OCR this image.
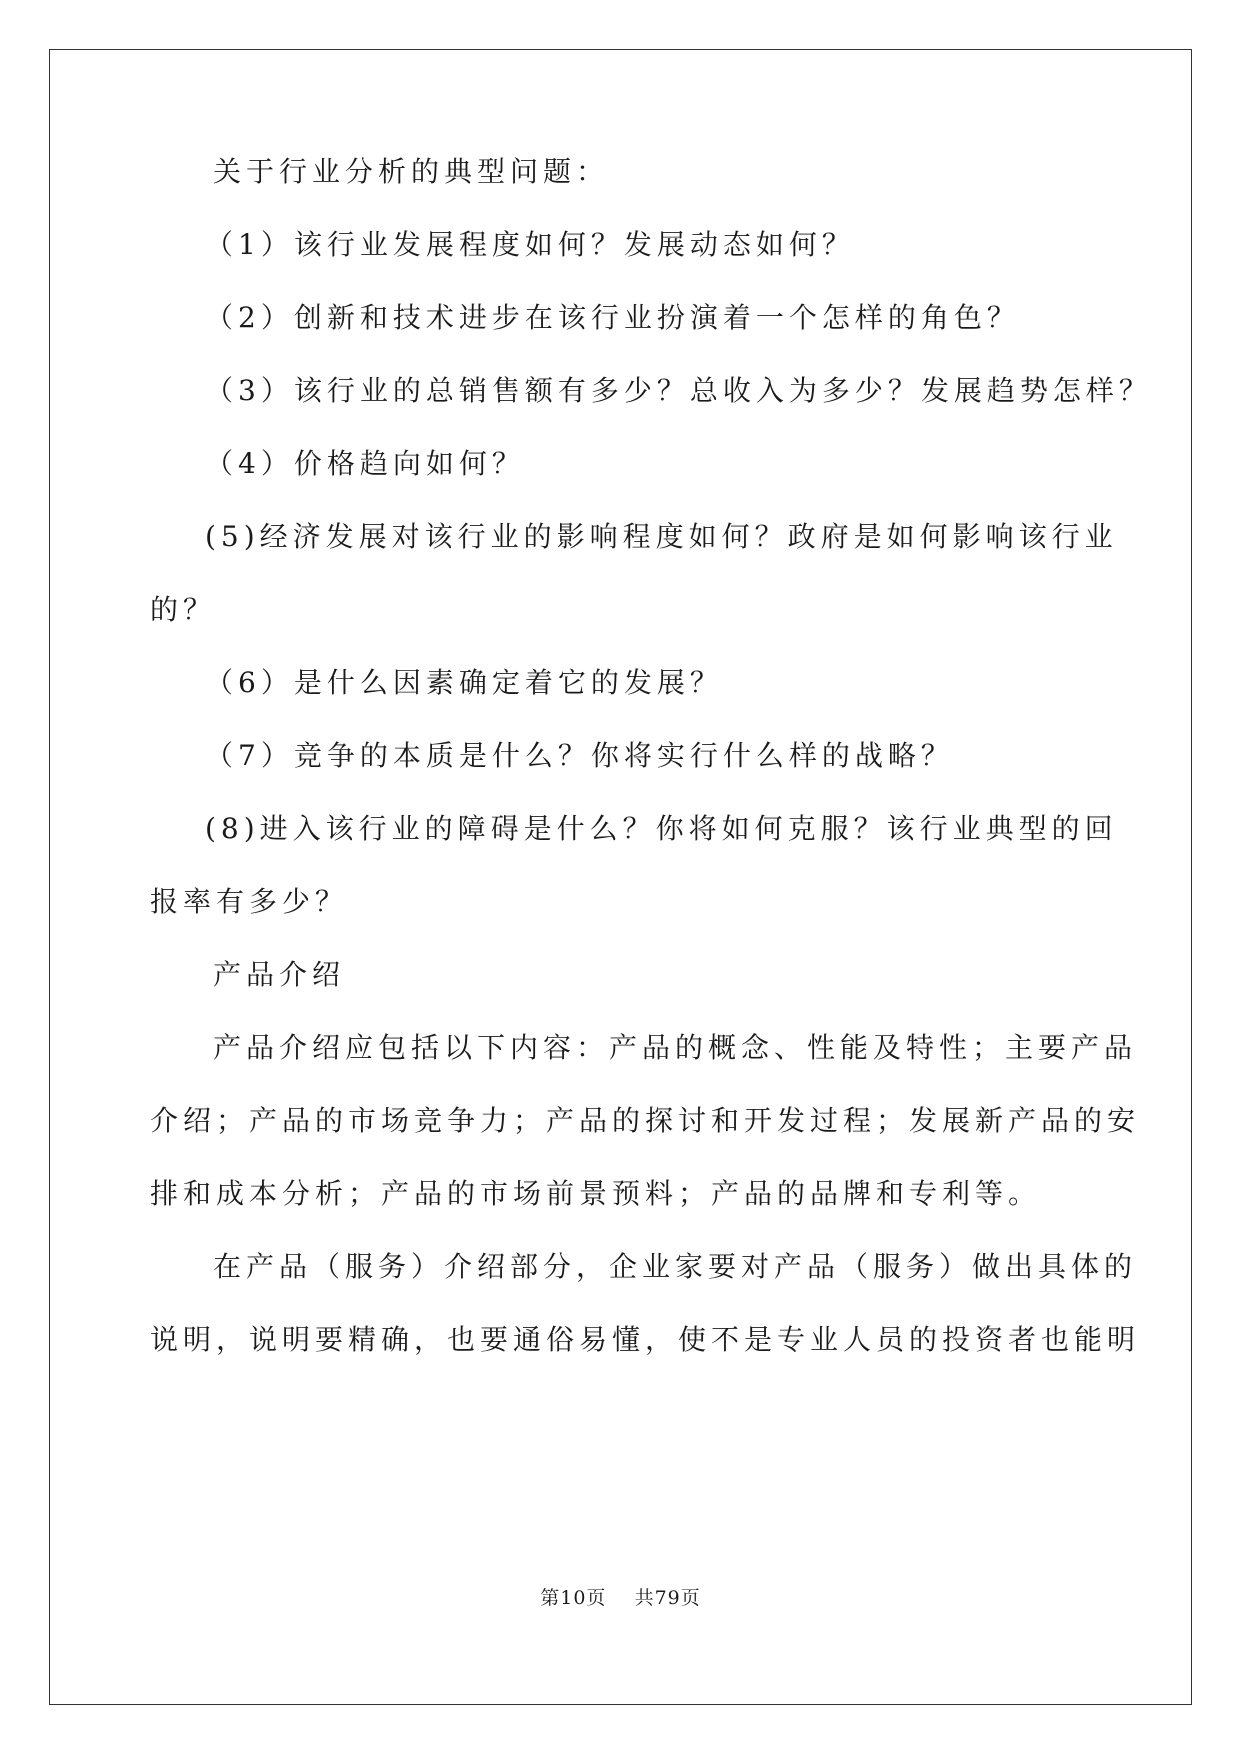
关于行业分析的典型问题：
（1）该行业发展程度如何？发展动态如何？
（2）创新和技术进步在该行业扮演着一个怎样的角色？
（3）该行业的总销售额有多少？总收入为多少？发展趋势怎样？
（4）价格趋向如何？
(5)经济发展对该行业的影响程度如何？政府是如何影响该行业
的？
（6）是什么因素确定着它的发展？
（7）竞争的本质是什么？你将实行什么样的战略？
(8)进入该行业的障碍是什么？你将如何克服？该行业典型的回
报率有多少？
产品介绍
产品介绍应包括以下内容：产品的概念、性能及特性；主要产品
介绍；产品的市场竞争力；产品的探讨和开发过程；发展新产品的安
排和成本分析；产品的市场前景预料；产品的品牌和专利等。
在产品（服务）介绍部分，企业家要对产品（服务）做出具体的
说明，说明要精确，也要通俗易懂，使不是专业人员的投资者也能明
第10页    共79页
